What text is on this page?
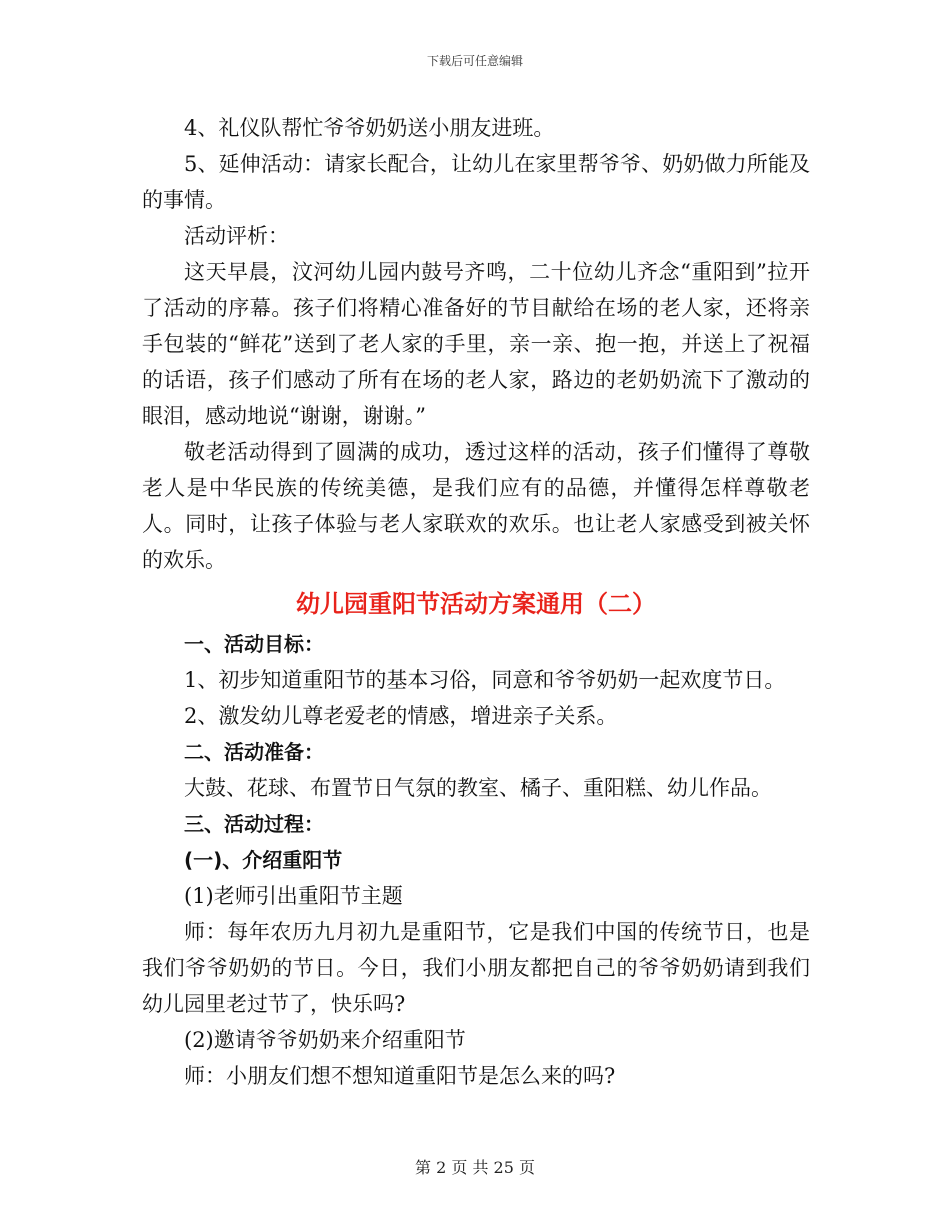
下载后可任意编辑

4、礼仪队帮忙爷爷奶奶送小朋友进班。

5、延伸活动：请家长配合，让幼儿在家里帮爷爷、奶奶做力所能及的事情。

活动评析：

这天早晨，汶河幼儿园内鼓号齐鸣，二十位幼儿齐念“重阳到”拉开了活动的序幕。孩子们将精心准备好的节目献给在场的老人家，还将亲手包装的“鲜花”送到了老人家的手里，亲一亲、抱一抱，并送上了祝福的话语，孩子们感动了所有在场的老人家，路边的老奶奶流下了激动的眼泪，感动地说“谢谢，谢谢。”

敬老活动得到了圆满的成功，透过这样的活动，孩子们懂得了尊敬老人是中华民族的传统美德，是我们应有的品德，并懂得怎样尊敬老人。同时，让孩子体验与老人家联欢的欢乐。也让老人家感受到被关怀的欢乐。

幼儿园重阳节活动方案通用（二）

一、活动目标：

1、初步知道重阳节的基本习俗，同意和爷爷奶奶一起欢度节日。

2、激发幼儿尊老爱老的情感，增进亲子关系。

二、活动准备：

大鼓、花球、布置节日气氛的教室、橘子、重阳糕、幼儿作品。

三、活动过程：

(一)、介绍重阳节

(1)老师引出重阳节主题

师：每年农历九月初九是重阳节，它是我们中国的传统节日，也是我们爷爷奶奶的节日。今日，我们小朋友都把自己的爷爷奶奶请到我们幼儿园里老过节了，快乐吗?

(2)邀请爷爷奶奶来介绍重阳节

师：小朋友们想不想知道重阳节是怎么来的吗?

第 2 页 共 25 页
